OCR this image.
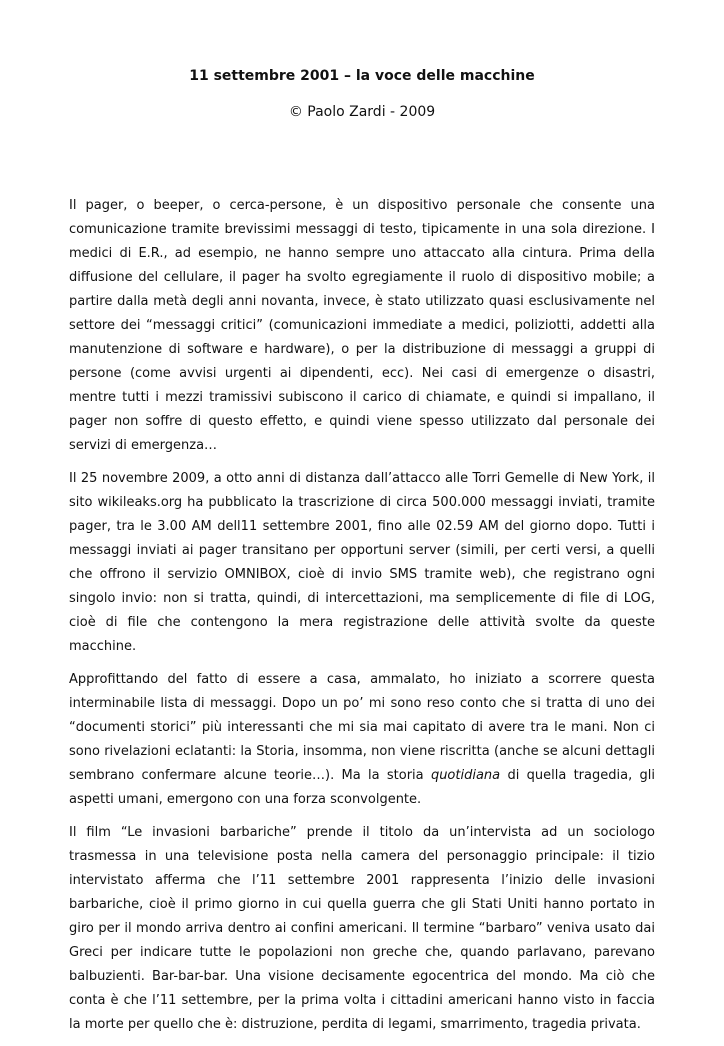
11 settembre 2001 – la voce delle macchine

© Paolo Zardi - 2009

Il pager, o beeper, o cerca-persone, è un dispositivo personale che consente una comunicazione tramite brevissimi messaggi di testo, tipicamente in una sola direzione. I medici di E.R., ad esempio, ne hanno sempre uno attaccato alla cintura. Prima della diffusione del cellulare, il pager ha svolto egregiamente il ruolo di dispositivo mobile; a partire dalla metà degli anni novanta, invece, è stato utilizzato quasi esclusivamente nel settore dei “messaggi critici” (comunicazioni immediate a medici, poliziotti, addetti alla manutenzione di software e hardware), o per la distribuzione di messaggi a gruppi di persone (come avvisi urgenti ai dipendenti, ecc). Nei casi di emergenze o disastri, mentre tutti i mezzi tramissivi subiscono il carico di chiamate, e quindi si impallano, il pager non soffre di questo effetto, e quindi viene spesso utilizzato dal personale dei servizi di emergenza…

Il 25 novembre 2009, a otto anni di distanza dall’attacco alle Torri Gemelle di New York, il sito wikileaks.org ha pubblicato la trascrizione di circa 500.000 messaggi inviati, tramite pager, tra le 3.00 AM dell11 settembre 2001, fino alle 02.59 AM del giorno dopo. Tutti i messaggi inviati ai pager transitano per opportuni server (simili, per certi versi, a quelli che offrono il servizio OMNIBOX, cioè di invio SMS tramite web), che registrano ogni singolo invio: non si tratta, quindi, di intercettazioni, ma semplicemente di file di LOG, cioè di file che contengono la mera registrazione delle attività svolte da queste macchine.

Approfittando del fatto di essere a casa, ammalato, ho iniziato a scorrere questa interminabile lista di messaggi. Dopo un po’ mi sono reso conto che si tratta di uno dei “documenti storici” più interessanti che mi sia mai capitato di avere tra le mani. Non ci sono rivelazioni eclatanti: la Storia, insomma, non viene riscritta (anche se alcuni dettagli sembrano confermare alcune teorie…). Ma la storia quotidiana di quella tragedia, gli aspetti umani, emergono con una forza sconvolgente.

Il film “Le invasioni barbariche” prende il titolo da un’intervista ad un sociologo trasmessa in una televisione posta nella camera del personaggio principale: il tizio intervistato afferma che l’11 settembre 2001 rappresenta l’inizio delle invasioni barbariche, cioè il primo giorno in cui quella guerra che gli Stati Uniti hanno portato in giro per il mondo arriva dentro ai confini americani. Il termine “barbaro” veniva usato dai Greci per indicare tutte le popolazioni non greche che, quando parlavano, parevano balbuzienti. Bar-bar-bar. Una visione decisamente egocentrica del mondo. Ma ciò che conta è che l’11 settembre, per la prima volta i cittadini americani hanno visto in faccia la morte per quello che è: distruzione, perdita di legami, smarrimento, tragedia privata.
